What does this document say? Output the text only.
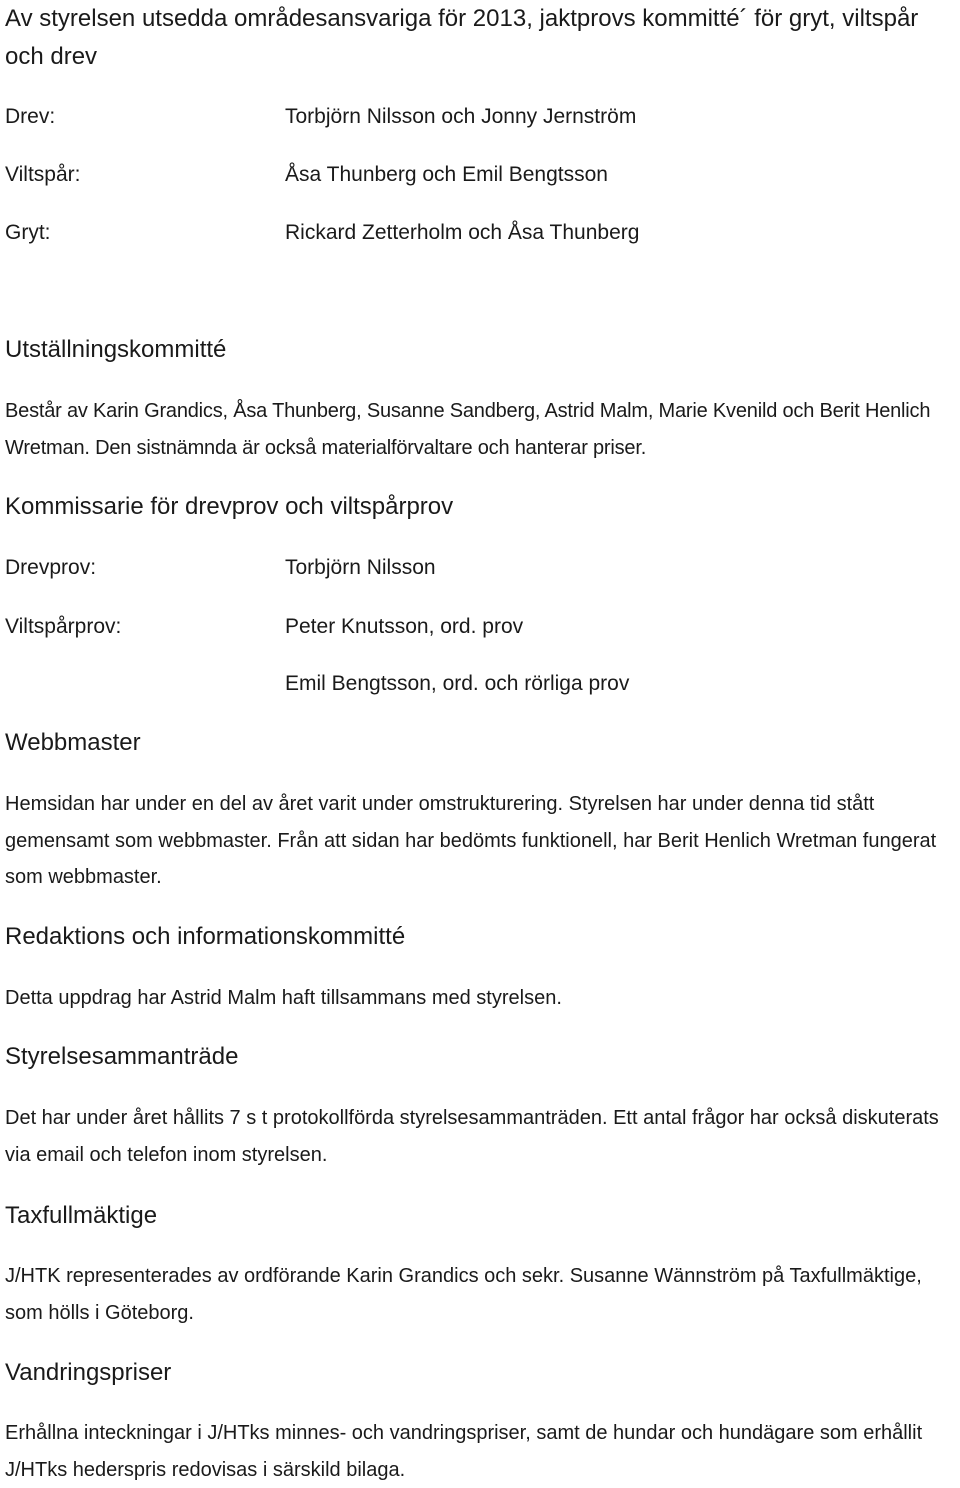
Av styrelsen utsedda områdesansvariga för 2013, jaktprovs kommitté´ för gryt, viltspår och drev
Drev:	Torbjörn Nilsson och Jonny Jernström
Viltspår:	Åsa Thunberg och Emil Bengtsson
Gryt:	Rickard Zetterholm och Åsa Thunberg
Utställningskommitté
Består av Karin Grandics, Åsa Thunberg, Susanne Sandberg, Astrid Malm, Marie Kvenild och Berit Henlich Wretman. Den sistnämnda är också materialförvaltare och hanterar priser.
Kommissarie för drevprov och viltspårprov
Drevprov:	Torbjörn Nilsson
Viltspårprov:	Peter Knutsson, ord. prov
Emil Bengtsson, ord. och rörliga prov
Webbmaster
Hemsidan har under en del av året varit under omstrukturering. Styrelsen har under denna tid stått gemensamt som webbmaster. Från att sidan har bedömts funktionell, har Berit Henlich Wretman fungerat som webbmaster.
Redaktions och informationskommitté
Detta uppdrag har Astrid Malm haft tillsammans med styrelsen.
Styrelsesammanträde
Det har under året hållits 7 s t protokollförda styrelsesammanträden. Ett antal frågor har också diskuterats via email och telefon inom styrelsen.
Taxfullmäktige
J/HTK representerades av ordförande Karin Grandics och sekr. Susanne Wännström på Taxfullmäktige, som hölls i Göteborg.
Vandringspriser
Erhållna inteckningar i J/HTks minnes- och vandringspriser, samt de hundar och hundägare som erhållit J/HTks hederspris redovisas i särskild bilaga.
